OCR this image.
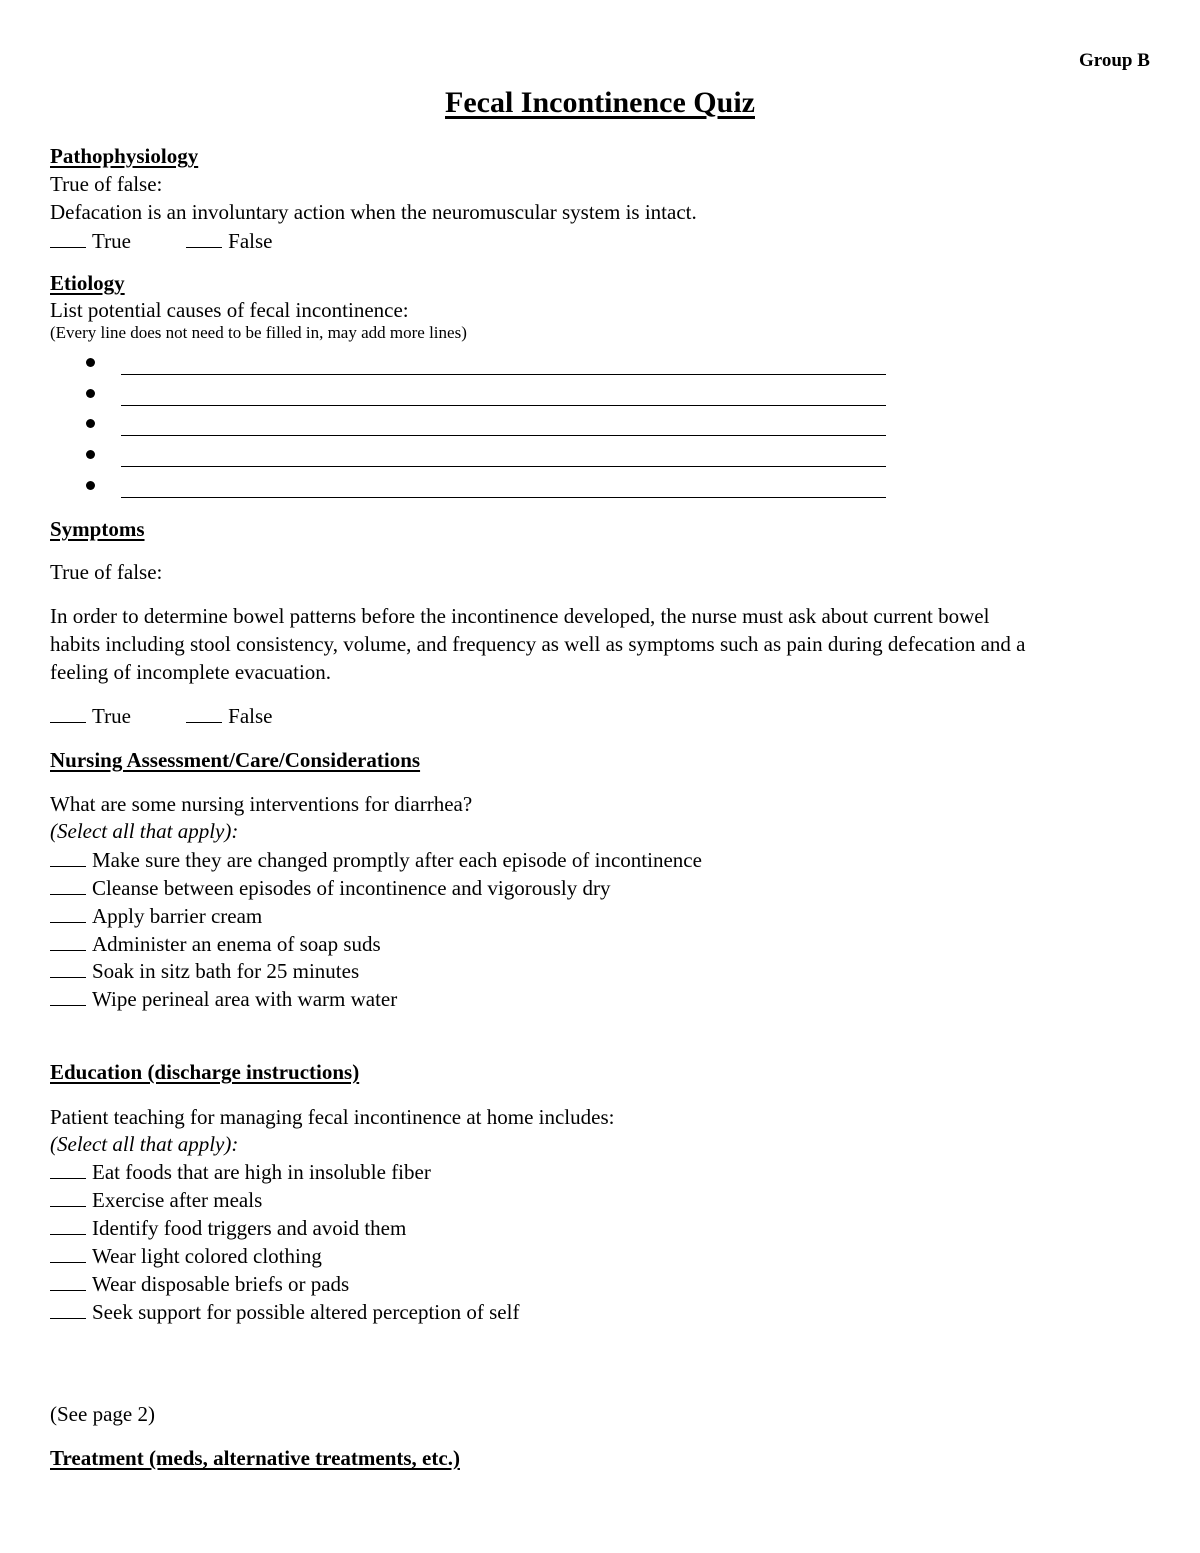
Group B
Fecal Incontinence Quiz
Pathophysiology
True of false:
Defacation is an involuntary action when the neuromuscular system is intact.
True	False
Etiology
List potential causes of fecal incontinence:
(Every line does not need to be filled in, may add more lines)
Symptoms
True of false:
In order to determine bowel patterns before the incontinence developed, the nurse must ask about current bowel
habits including stool consistency, volume, and frequency as well as symptoms such as pain during defecation and a
feeling of incomplete evacuation.
True	False
Nursing Assessment/Care/Considerations
What are some nursing interventions for diarrhea?
(Select all that apply):
Make sure they are changed promptly after each episode of incontinence
Cleanse between episodes of incontinence and vigorously dry
Apply barrier cream
Administer an enema of soap suds
Soak in sitz bath for 25 minutes
Wipe perineal area with warm water
Education (discharge instructions)
Patient teaching for managing fecal incontinence at home includes:
(Select all that apply):
Eat foods that are high in insoluble fiber
Exercise after meals
Identify food triggers and avoid them
Wear light colored clothing
Wear disposable briefs or pads
Seek support for possible altered perception of self
(See page 2)
Treatment (meds, alternative treatments, etc.)
